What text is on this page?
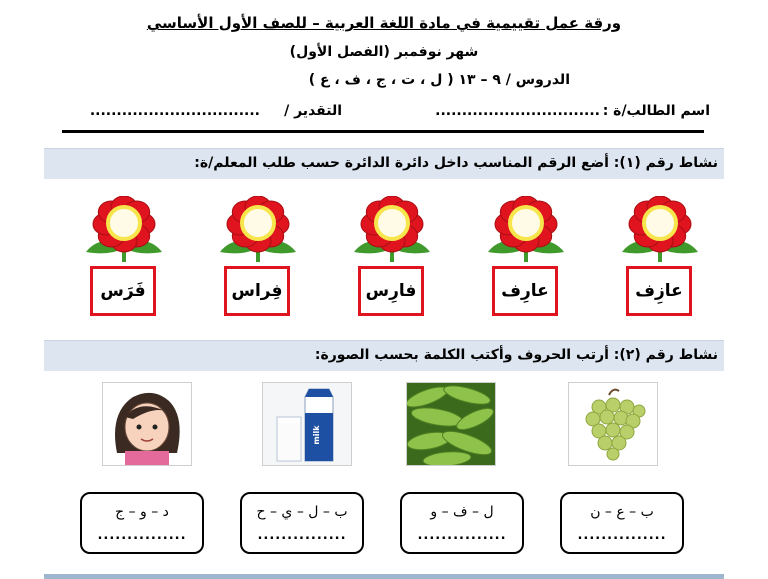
ورقة عمل تقييمية في مادة اللغة العربية – للصف الأول الأساسي
شهر نوفمبر (الفصل الأول)
الدروس / ٩ – ١٣ ( ل ، ت ، ج ، ف ، ع )
اسم الطالب/ة :
...............................
التقدير /
................................
نشاط رقم (١): أضع الرقم المناسب داخل دائرة الدائرة حسب طلب المعلم/ة:
عازِف
عارِف
فارِس
فِراس
فَرَس
نشاط رقم (٢): أرتب الحروف وأكتب الكلمة بحسب الصورة:
milk
ب – ع – ن
...............
ل – ف – و
...............
ب – ل – ي – ح
...............
د – و – ج
...............
